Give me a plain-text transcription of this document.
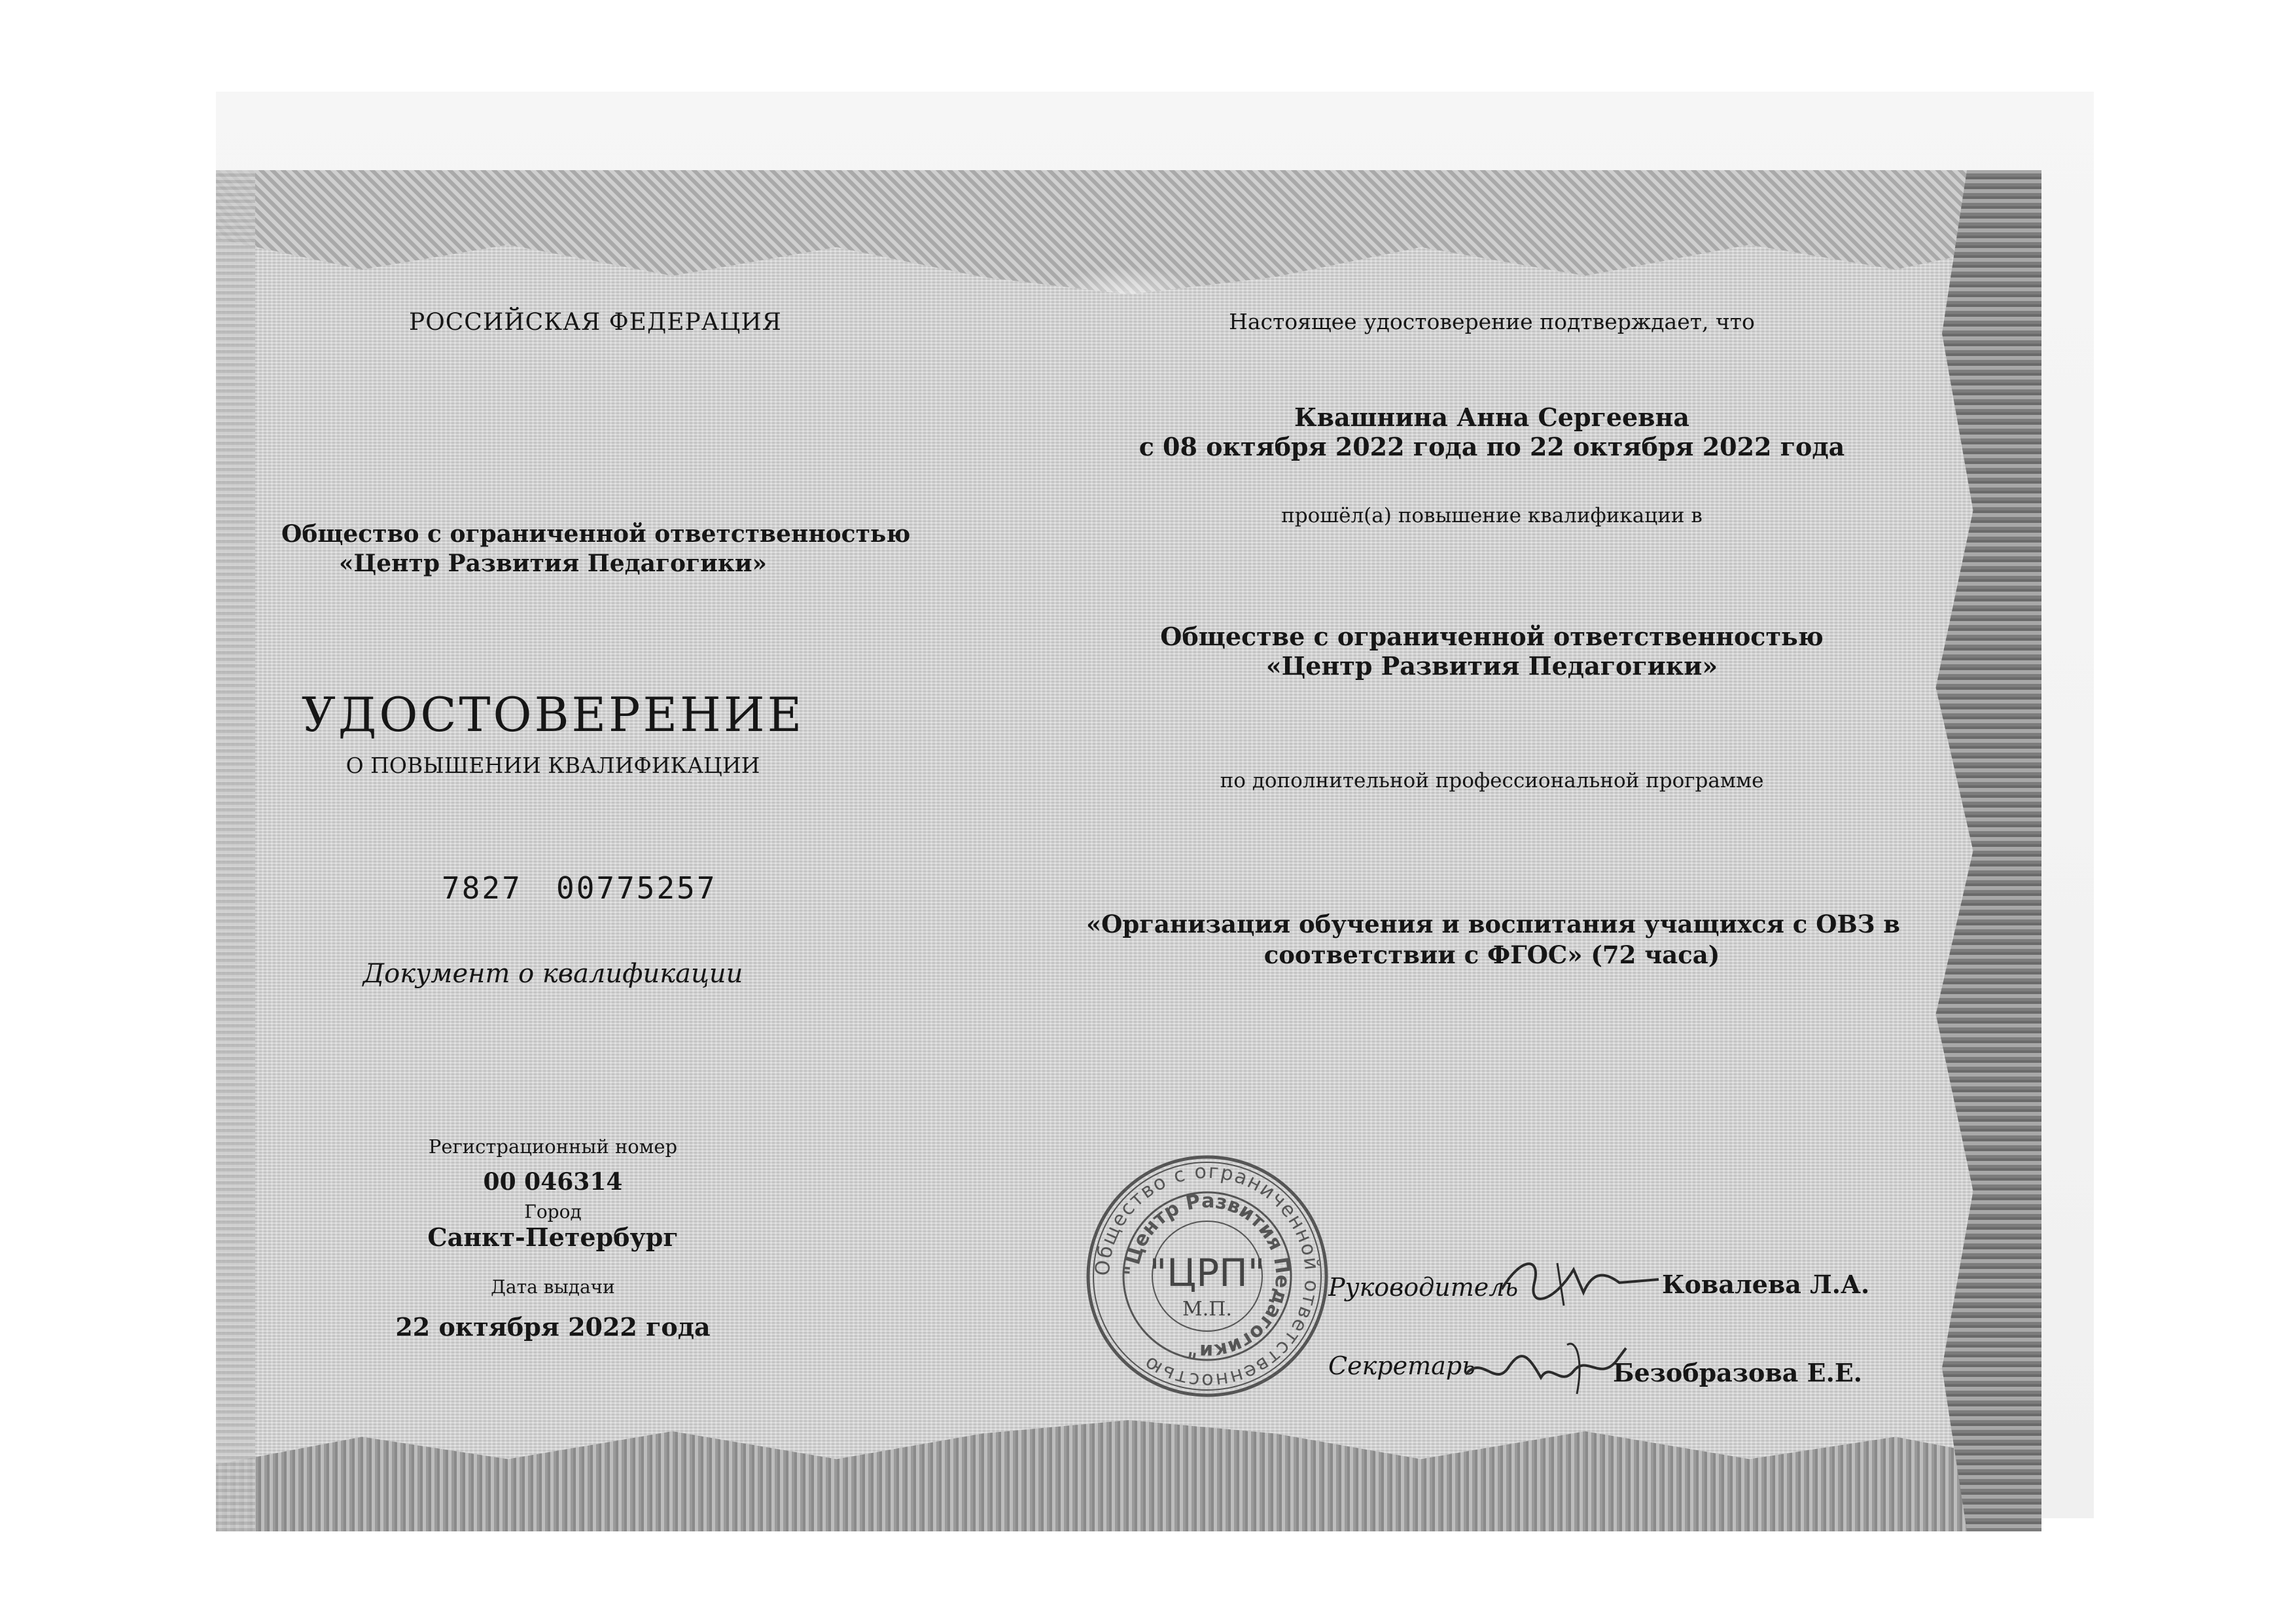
РОССИЙСКАЯ ФЕДЕРАЦИЯ
Общество с ограниченной ответственностью
«Центр Развития Педагогики»
УДОСТОВЕРЕНИЕ
О ПОВЫШЕНИИ КВАЛИФИКАЦИИ
7827 00775257
Документ о квалификации
Регистрационный номер
00 046314
Город
Санкт-Петербург
Дата выдачи
22 октября 2022 года
Настоящее удостоверение подтверждает, что
Квашнина Анна Сергеевна
с 08 октября 2022 года по 22 октября 2022 года
прошёл(а) повышение квалификации в
Обществе с ограниченной ответственностью
«Центр Развития Педагогики»
по дополнительной профессиональной программе
«Организация обучения и воспитания учащихся с ОВЗ в
соответствии с ФГОС» (72 часа)
Руководитель	Ковалева Л.А.
Секретарь	Безобразова Е.Е.
Общество с ограниченной ответственностью
"Центр Развития Педагогики"
"ЦРП"
М.П.
